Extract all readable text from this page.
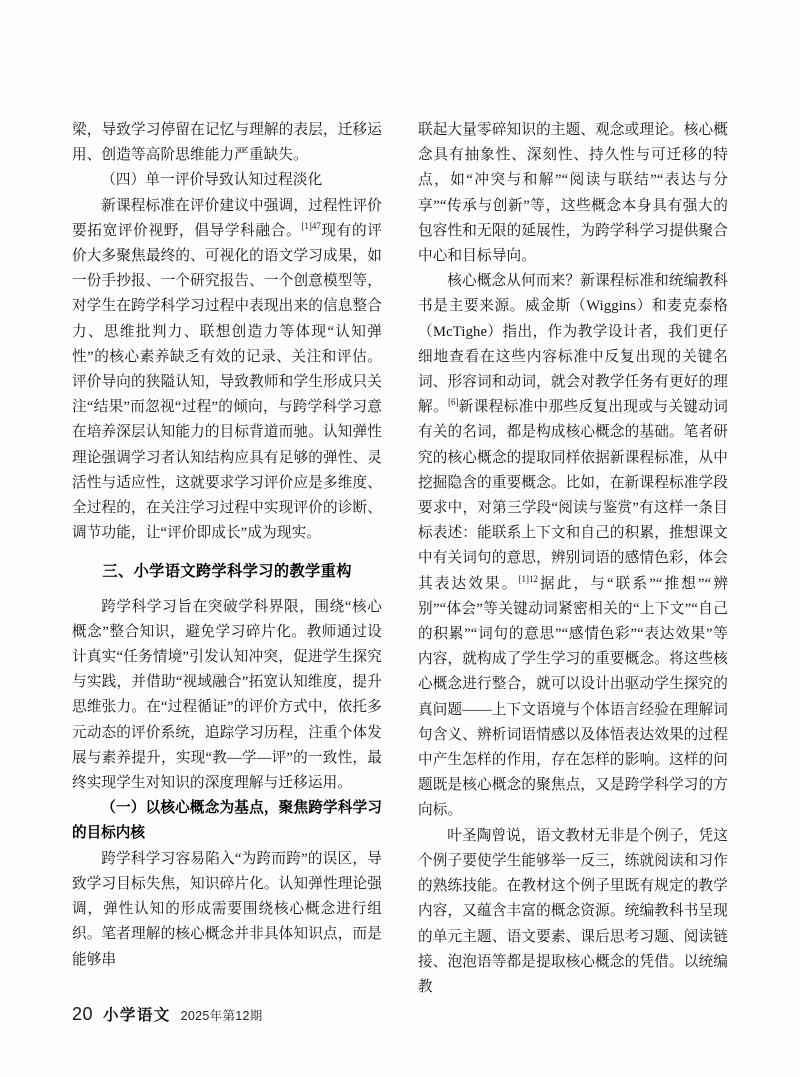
梁，导致学习停留在记忆与理解的表层，迁移运用、创造等高阶思维能力严重缺失。

（四）单一评价导致认知过程淡化

新课程标准在评价建议中强调，过程性评价要拓宽评价视野，倡导学科融合。$^{[1]47}$现有的评价大多聚焦最终的、可视化的语文学习成果，如一份手抄报、一个研究报告、一个创意模型等，对学生在跨学科学习过程中表现出来的信息整合力、思维批判力、联想创造力等体现“认知弹性”的核心素养缺乏有效的记录、关注和评估。评价导向的狭隘认知，导致教师和学生形成只关注“结果”而忽视“过程”的倾向，与跨学科学习意在培养深层认知能力的目标背道而驰。认知弹性理论强调学习者认知结构应具有足够的弹性、灵活性与适应性，这就要求学习评价应是多维度、全过程的，在关注学习过程中实现评价的诊断、调节功能，让“评价即成长”成为现实。

三、小学语文跨学科学习的教学重构

跨学科学习旨在突破学科界限，围绕“核心概念”整合知识，避免学习碎片化。教师通过设计真实“任务情境”引发认知冲突，促进学生探究与实践，并借助“视域融合”拓宽认知维度，提升思维张力。在“过程循证”的评价方式中，依托多元动态的评价系统，追踪学习历程，注重个体发展与素养提升，实现“教—学—评”的一致性，最终实现学生对知识的深度理解与迁移运用。

（一）以核心概念为基点，聚焦跨学科学习的目标内核

跨学科学习容易陷入“为跨而跨”的误区，导致学习目标失焦，知识碎片化。认知弹性理论强调，弹性认知的形成需要围绕核心概念进行组织。笔者理解的核心概念并非具体知识点，而是能够串

联起大量零碎知识的主题、观念或理论。核心概念具有抽象性、深刻性、持久性与可迁移的特点，如“冲突与和解”“阅读与联结”“表达与分享”“传承与创新”等，这些概念本身具有强大的包容性和无限的延展性，为跨学科学习提供聚合中心和目标导向。

核心概念从何而来？新课程标准和统编教科书是主要来源。威金斯（Wiggins）和麦克泰格（McTighe）指出，作为教学设计者，我们更仔细地查看在这些内容标准中反复出现的关键名词、形容词和动词，就会对教学任务有更好的理解。[6]新课程标准中那些反复出现或与关键动词有关的名词，都是构成核心概念的基础。笔者研究的核心概念的提取同样依据新课程标准，从中挖掘隐含的重要概念。比如，在新课程标准学段要求中，对第三学段“阅读与鉴赏”有这样一条目标表述：能联系上下文和自己的积累，推想课文中有关词句的意思，辨别词语的感情色彩，体会其表达效果。$^{[1]12}$据此，与“联系”“推想”“辨别”“体会”等关键动词紧密相关的“上下文”“自己的积累”“词句的意思”“感情色彩”“表达效果”等内容，就构成了学生学习的重要概念。将这些核心概念进行整合，就可以设计出驱动学生探究的真问题——上下文语境与个体语言经验在理解词句含义、辨析词语情感以及体悟表达效果的过程中产生怎样的作用，存在怎样的影响。这样的问题既是核心概念的聚焦点，又是跨学科学习的方向标。

叶圣陶曾说，语文教材无非是个例子，凭这个例子要使学生能够举一反三，练就阅读和习作的熟练技能。在教材这个例子里既有规定的教学内容，又蕴含丰富的概念资源。统编教科书呈现的单元主题、语文要素、课后思考习题、阅读链接、泡泡语等都是提取核心概念的凭借。以统编教

20 小学语文 2025年第12期
